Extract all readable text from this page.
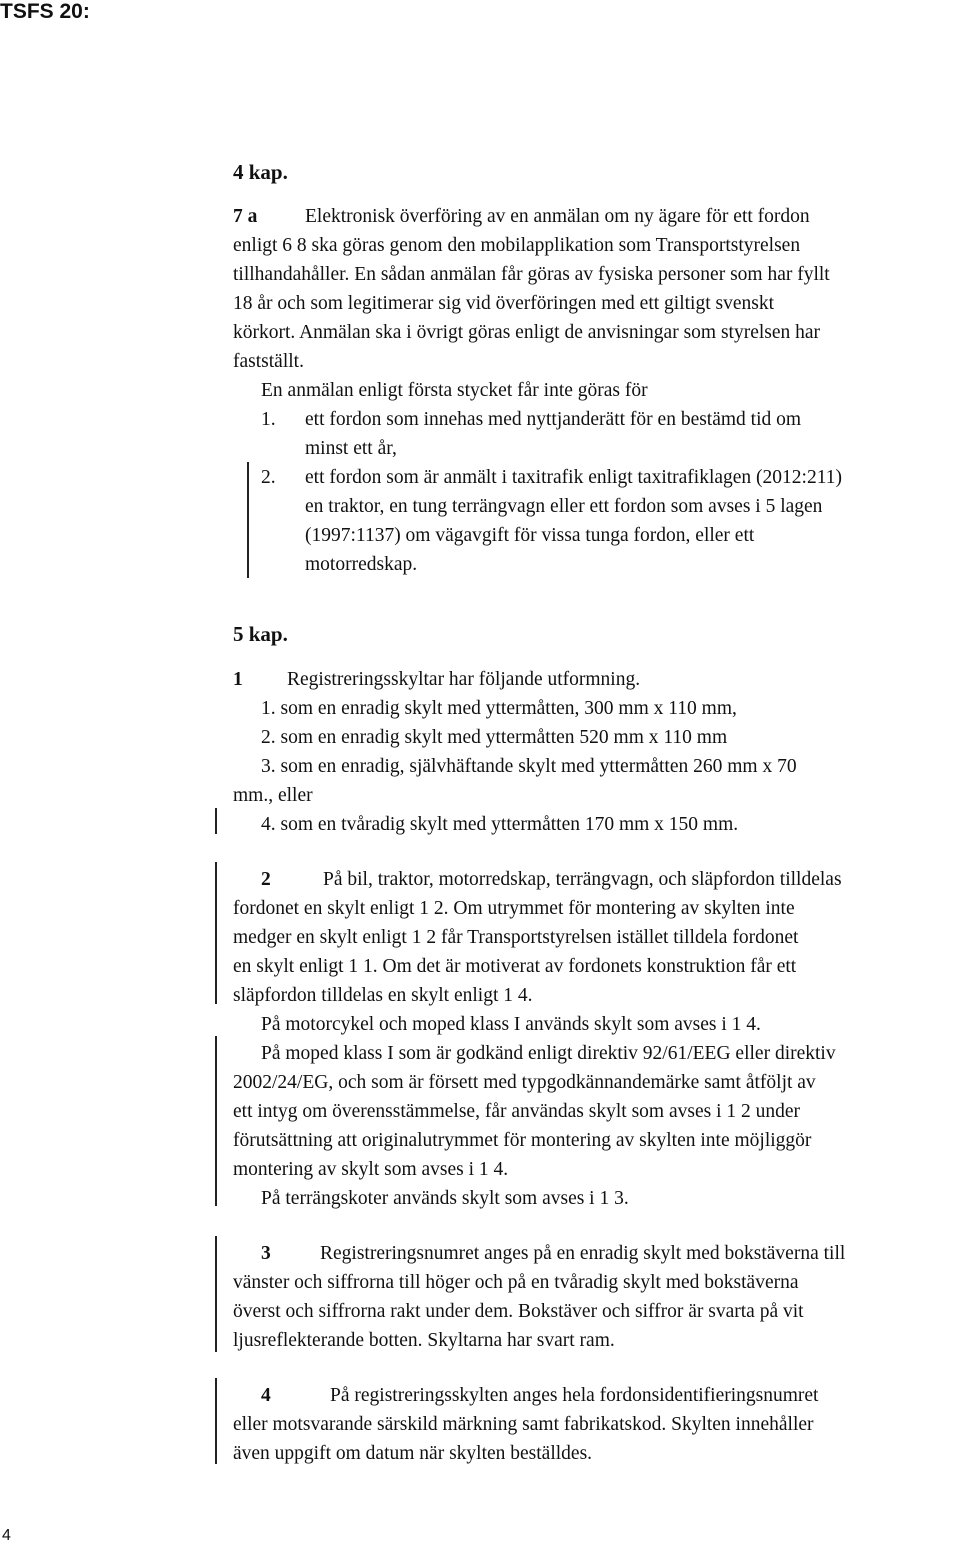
TSFS 20:
4 kap.
7 a Elektronisk överföring av en anmälan om ny ägare för ett fordon
enligt 6 8 ska göras genom den mobilapplikation som Transportstyrelsen
tillhandahåller. En sådan anmälan får göras av fysiska personer som har fyllt
18 år och som legitimerar sig vid överföringen med ett giltigt svenskt
körkort. Anmälan ska i övrigt göras enligt de anvisningar som styrelsen har
fastställt.
En anmälan enligt första stycket får inte göras för
1. ett fordon som innehas med nyttjanderätt för en bestämd tid om
minst ett år,
2. ett fordon som är anmält i taxitrafik enligt taxitrafiklagen (2012:211)
en traktor, en tung terrängvagn eller ett fordon som avses i 5 lagen
(1997:1137) om vägavgift för vissa tunga fordon, eller ett
motorredskap.
5 kap.
1 Registreringsskyltar har följande utformning.
1. som en enradig skylt med yttermåtten, 300 mm x 110 mm,
2. som en enradig skylt med yttermåtten 520 mm x 110 mm
3. som en enradig, självhäftande skylt med yttermåtten 260 mm x 70
mm., eller
4. som en tvåradig skylt med yttermåtten 170 mm x 150 mm.
2	På bil, traktor, motorredskap, terrängvagn, och släpfordon tilldelas
fordonet en skylt enligt 1 2. Om utrymmet för montering av skylten inte
medger en skylt enligt 1 2 får Transportstyrelsen istället tilldela fordonet
en skylt enligt 1 1. Om det är motiverat av fordonets konstruktion får ett
släpfordon tilldelas en skylt enligt 1 4.
På motorcykel och moped klass I används skylt som avses i 1 4.
På moped klass I som är godkänd enligt direktiv 92/61/EEG eller direktiv
2002/24/EG, och som är försett med typgodkännandemärke samt åtföljt av
ett intyg om överensstämmelse, får användas skylt som avses i 1 2 under
förutsättning att originalutrymmet för montering av skylten inte möjliggör
montering av skylt som avses i 1 4.
På terrängskoter används skylt som avses i 1 3.
3	Registreringsnumret anges på en enradig skylt med bokstäverna till
vänster och siffrorna till höger och på en tvåradig skylt med bokstäverna
överst och siffrorna rakt under dem. Bokstäver och siffror är svarta på vit
ljusreflekterande botten. Skyltarna har svart ram.
4	På registreringsskylten anges hela fordonsidentifieringsnumret
eller motsvarande särskild märkning samt fabrikatskod. Skylten innehåller
även uppgift om datum när skylten beställdes.
4
